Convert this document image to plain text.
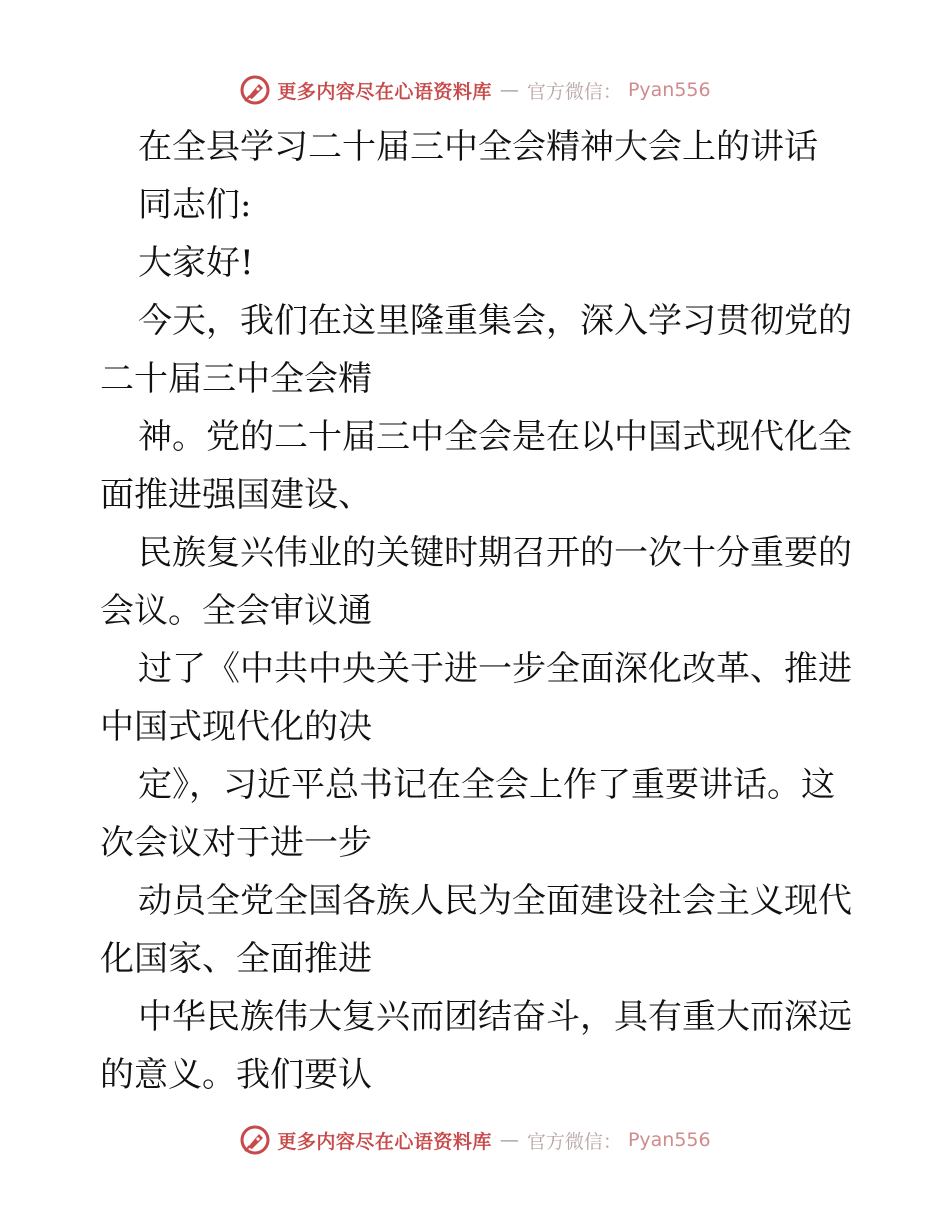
更多内容尽在心语资料库 — 官方微信： Pyan556
在全县学习二十届三中全会精神大会上的讲话
同志们:
大家好!
今天，我们在这里隆重集会，深入学习贯彻党的
二十届三中全会精
神。党的二十届三中全会是在以中国式现代化全
面推进强国建设、
民族复兴伟业的关键时期召开的一次十分重要的
会议。全会审议通
过了《中共中央关于进一步全面深化改革、推进
中国式现代化的决
定》，习近平总书记在全会上作了重要讲话。这
次会议对于进一步
动员全党全国各族人民为全面建设社会主义现代
化国家、全面推进
中华民族伟大复兴而团结奋斗，具有重大而深远
的意义。我们要认
更多内容尽在心语资料库 — 官方微信： Pyan556
